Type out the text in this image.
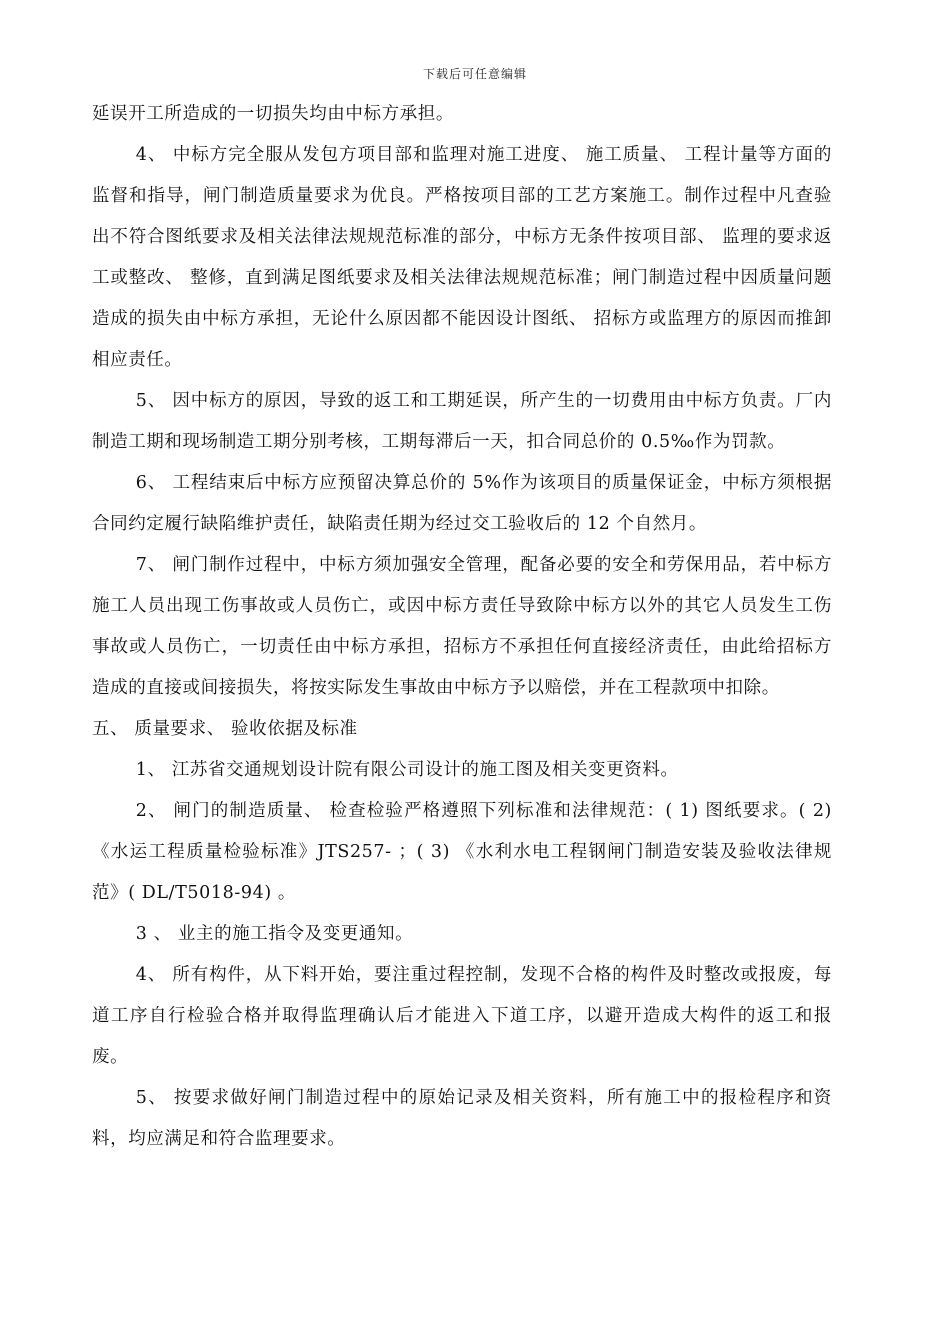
下载后可任意编辑

延误开工所造成的一切损失均由中标方承担。

4、 中标方完全服从发包方项目部和监理对施工进度、 施工质量、 工程计量等方面的监督和指导，闸门制造质量要求为优良。严格按项目部的工艺方案施工。制作过程中凡查验出不符合图纸要求及相关法律法规规范标准的部分，中标方无条件按项目部、 监理的要求返工或整改、 整修，直到满足图纸要求及相关法律法规规范标准；闸门制造过程中因质量问题造成的损失由中标方承担，无论什么原因都不能因设计图纸、 招标方或监理方的原因而推卸相应责任。

5、 因中标方的原因，导致的返工和工期延误，所产生的一切费用由中标方负责。厂内制造工期和现场制造工期分别考核，工期每滞后一天，扣合同总价的 0.5‰作为罚款。

6、 工程结束后中标方应预留决算总价的 5%作为该项目的质量保证金，中标方须根据合同约定履行缺陷维护责任，缺陷责任期为经过交工验收后的 12 个自然月。

7、 闸门制作过程中，中标方须加强安全管理，配备必要的安全和劳保用品，若中标方施工人员出现工伤事故或人员伤亡，或因中标方责任导致除中标方以外的其它人员发生工伤事故或人员伤亡，一切责任由中标方承担，招标方不承担任何直接经济责任，由此给招标方造成的直接或间接损失，将按实际发生事故由中标方予以赔偿，并在工程款项中扣除。

五、 质量要求、 验收依据及标准

1、 江苏省交通规划设计院有限公司设计的施工图及相关变更资料。

2、 闸门的制造质量、 检查检验严格遵照下列标准和法律规范：( 1) 图纸要求。( 2) 《水运工程质量检验标准》JTS257- ；( 3) 《水利水电工程钢闸门制造安装及验收法律规范》( DL/T5018-94) 。

3 、 业主的施工指令及变更通知。

4、 所有构件，从下料开始，要注重过程控制，发现不合格的构件及时整改或报废，每道工序自行检验合格并取得监理确认后才能进入下道工序，以避开造成大构件的返工和报废。

5、 按要求做好闸门制造过程中的原始记录及相关资料，所有施工中的报检程序和资料，均应满足和符合监理要求。
